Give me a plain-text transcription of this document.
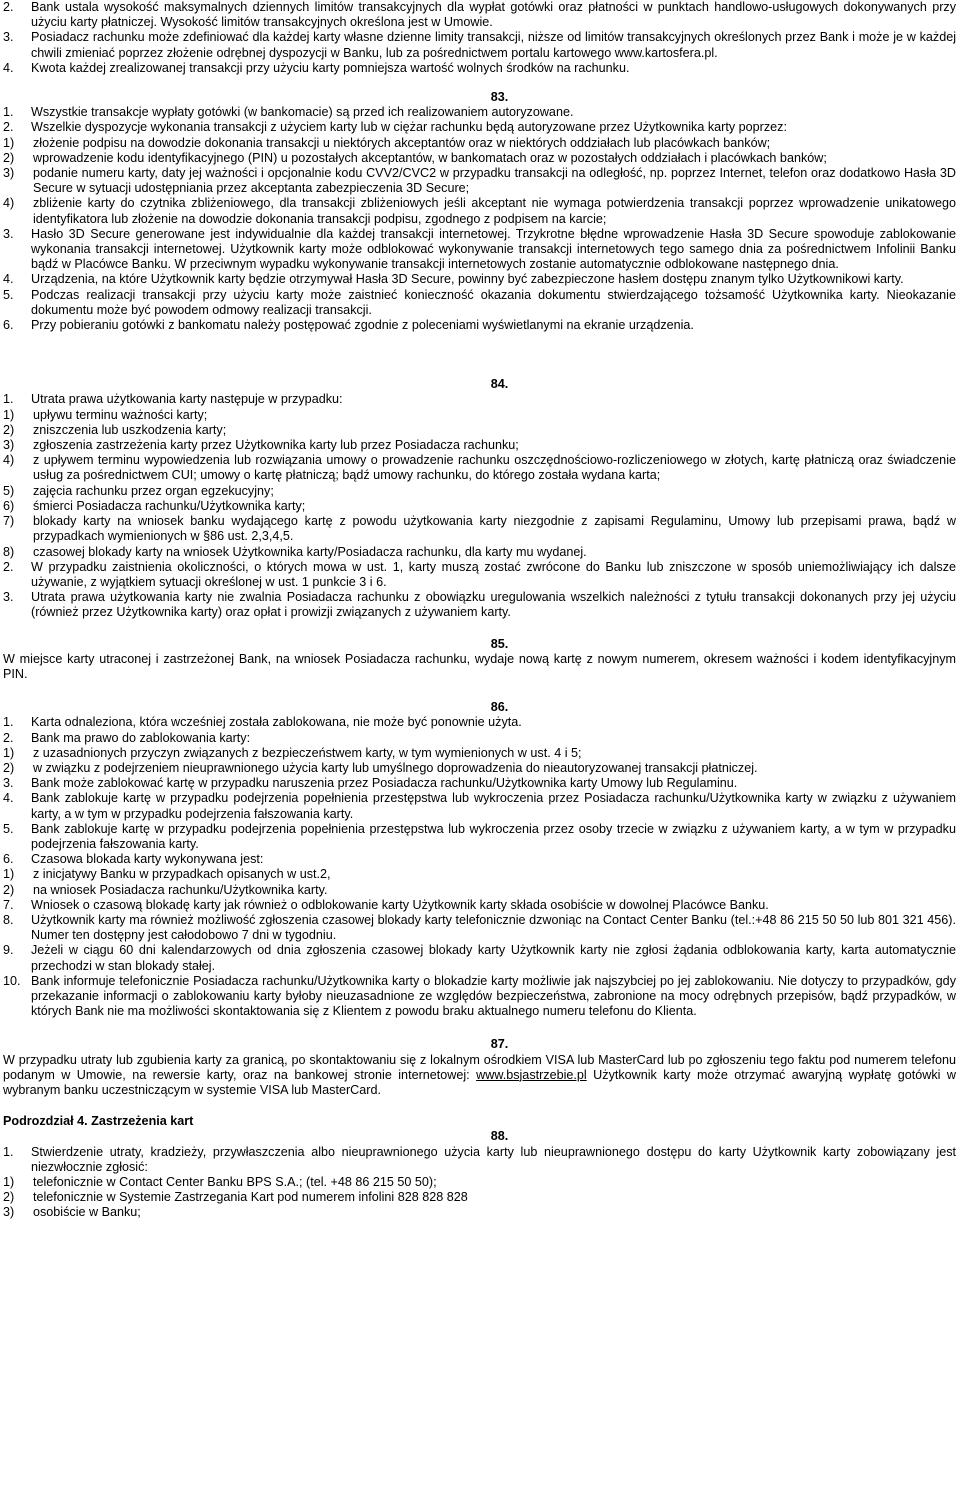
2.	Bank ustala wysokość maksymalnych dziennych limitów transakcyjnych dla wypłat gotówki oraz płatności w punktach handlowo-usługowych dokonywanych przy użyciu karty płatniczej. Wysokość limitów transakcyjnych określona jest w Umowie.
3.	Posiadacz rachunku może zdefiniować dla każdej karty własne dzienne limity transakcji, niższe od limitów transakcyjnych określonych przez Bank i może je w każdej chwili zmieniać poprzez złożenie odrębnej dyspozycji w Banku, lub za pośrednictwem portalu kartowego www.kartosfera.pl.
4.	Kwota każdej zrealizowanej transakcji przy użyciu karty pomniejsza wartość wolnych środków na rachunku.
83.
1.	Wszystkie transakcje wypłaty gotówki (w bankomacie) są przed ich realizowaniem autoryzowane.
2.	Wszelkie dyspozycje wykonania transakcji z użyciem karty lub w ciężar rachunku będą autoryzowane przez Użytkownika karty poprzez:
1)	złożenie podpisu na dowodzie dokonania transakcji u niektórych akceptantów oraz w niektórych oddziałach lub placówkach banków;
2)	wprowadzenie kodu identyfikacyjnego (PIN) u pozostałych akceptantów, w bankomatach oraz w pozostałych oddziałach i placówkach banków;
3)	podanie numeru karty, daty jej ważności i opcjonalnie kodu CVV2/CVC2 w przypadku transakcji na odległość, np. poprzez Internet, telefon oraz dodatkowo Hasła 3D Secure w sytuacji udostępniania przez akceptanta zabezpieczenia 3D Secure;
4)	zbliżenie karty do czytnika zbliżeniowego, dla transakcji zbliżeniowych jeśli akceptant nie wymaga potwierdzenia transakcji poprzez wprowadzenie unikatowego identyfikatora lub złożenie na dowodzie dokonania transakcji podpisu, zgodnego z podpisem na karcie;
3.	Hasło 3D Secure generowane jest indywidualnie dla każdej transakcji internetowej. Trzykrotne błędne wprowadzenie Hasła 3D Secure spowoduje zablokowanie wykonania transakcji internetowej. Użytkownik karty może odblokować wykonywanie transakcji internetowych tego samego dnia za pośrednictwem Infolinii Banku bądź w Placówce Banku. W przeciwnym wypadku wykonywanie transakcji internetowych zostanie automatycznie odblokowane następnego dnia.
4.	Urządzenia, na które Użytkownik karty będzie otrzymywał Hasła 3D Secure, powinny być zabezpieczone hasłem dostępu znanym tylko Użytkownikowi karty.
5.	Podczas realizacji transakcji przy użyciu karty może zaistnieć konieczność okazania dokumentu stwierdzającego tożsamość Użytkownika karty. Nieokazanie dokumentu może być powodem odmowy realizacji transakcji.
6.	Przy pobieraniu gotówki z bankomatu należy postępować zgodnie z poleceniami wyświetlanymi na ekranie urządzenia.
84.
1.	Utrata prawa użytkowania karty następuje w przypadku:
1)	upływu terminu ważności karty;
2)	zniszczenia lub uszkodzenia karty;
3)	zgłoszenia zastrzeżenia karty przez Użytkownika karty lub przez Posiadacza rachunku;
4)	z upływem terminu wypowiedzenia lub rozwiązania umowy o prowadzenie rachunku oszczędnościowo-rozliczeniowego w złotych, kartę płatniczą oraz świadczenie usług za pośrednictwem CUI; umowy o kartę płatniczą; bądź umowy rachunku, do którego została wydana karta;
5)	zajęcia rachunku przez organ egzekucyjny;
6)	śmierci Posiadacza rachunku/Użytkownika karty;
7)	blokady karty na wniosek banku wydającego kartę z powodu użytkowania karty niezgodnie z zapisami Regulaminu, Umowy lub przepisami prawa, bądź w przypadkach wymienionych w §86 ust. 2,3,4,5.
8)	czasowej blokady karty na wniosek Użytkownika karty/Posiadacza rachunku, dla karty mu wydanej.
2.	W przypadku zaistnienia okoliczności, o których mowa w ust. 1, karty muszą zostać zwrócone do Banku lub zniszczone w sposób uniemożliwiający ich dalsze używanie, z wyjątkiem sytuacji określonej w ust. 1 punkcie 3 i 6.
3.	Utrata prawa użytkowania karty nie zwalnia Posiadacza rachunku z obowiązku uregulowania wszelkich należności z tytułu transakcji dokonanych przy jej użyciu (również przez Użytkownika karty) oraz opłat i prowizji związanych z używaniem karty.
85.
W miejsce karty utraconej i zastrzeżonej Bank, na wniosek Posiadacza rachunku, wydaje nową kartę z nowym numerem, okresem ważności i kodem identyfikacyjnym PIN.
86.
1.	Karta odnaleziona, która wcześniej została zablokowana, nie może być ponownie użyta.
2.	Bank ma prawo do zablokowania karty:
1)	z uzasadnionych przyczyn związanych z bezpieczeństwem karty, w tym wymienionych w ust. 4 i 5;
2)	w związku z podejrzeniem nieuprawnionego użycia karty lub umyślnego doprowadzenia do nieautoryzowanej transakcji płatniczej.
3.	Bank może zablokować kartę w przypadku naruszenia przez Posiadacza rachunku/Użytkownika karty Umowy lub Regulaminu.
4.	Bank zablokuje kartę w przypadku podejrzenia popełnienia przestępstwa lub wykroczenia przez Posiadacza rachunku/Użytkownika karty w związku z używaniem karty, a w tym w przypadku podejrzenia fałszowania karty.
5.	Bank zablokuje kartę w przypadku podejrzenia popełnienia przestępstwa lub wykroczenia przez osoby trzecie w związku z używaniem karty, a w tym w przypadku podejrzenia fałszowania karty.
6.	Czasowa blokada karty wykonywana jest:
1)	z inicjatywy Banku w przypadkach opisanych w ust.2,
2)	na wniosek Posiadacza rachunku/Użytkownika karty.
7.	Wniosek o czasową blokadę karty jak również o odblokowanie karty Użytkownik karty składa osobiście w dowolnej Placówce Banku.
8.	Użytkownik karty ma również możliwość zgłoszenia czasowej blokady karty telefonicznie dzwoniąc na Contact Center Banku (tel.:+48 86 215 50 50 lub 801 321 456). Numer ten dostępny jest całodobowo 7 dni w tygodniu.
9.	Jeżeli w ciągu 60 dni kalendarzowych od dnia zgłoszenia czasowej blokady karty Użytkownik karty nie zgłosi żądania odblokowania karty, karta automatycznie przechodzi w stan blokady stałej.
10. Bank informuje telefonicznie Posiadacza rachunku/Użytkownika karty o blokadzie karty możliwie jak najszybciej po jej zablokowaniu. Nie dotyczy to przypadków, gdy przekazanie informacji o zablokowaniu karty byłoby nieuzasadnione ze względów bezpieczeństwa, zabronione na mocy odrębnych przepisów, bądź przypadków, w których Bank nie ma możliwości skontaktowania się z Klientem z powodu braku aktualnego numeru telefonu do Klienta.
87.
W przypadku utraty lub zgubienia karty za granicą, po skontaktowaniu się z lokalnym ośrodkiem VISA lub MasterCard lub po zgłoszeniu tego faktu pod numerem telefonu podanym w Umowie, na rewersie karty, oraz na bankowej stronie internetowej: www.bsjastrzebie.pl Użytkownik karty może otrzymać awaryjną wypłatę gotówki w wybranym banku uczestniczącym w systemie VISA lub MasterCard.
Podrozdział 4. Zastrzeżenia kart
88.
1.	Stwierdzenie utraty, kradzieży, przywłaszczenia albo nieuprawnionego użycia karty lub nieuprawnionego dostępu do karty Użytkownik karty zobowiązany jest niezwłocznie zgłosić:
1)	telefonicznie w Contact Center Banku BPS S.A.; (tel. +48 86 215 50 50);
2)	telefonicznie w Systemie Zastrzegania Kart pod numerem infolini 828 828 828
3)	osobiście w Banku;
